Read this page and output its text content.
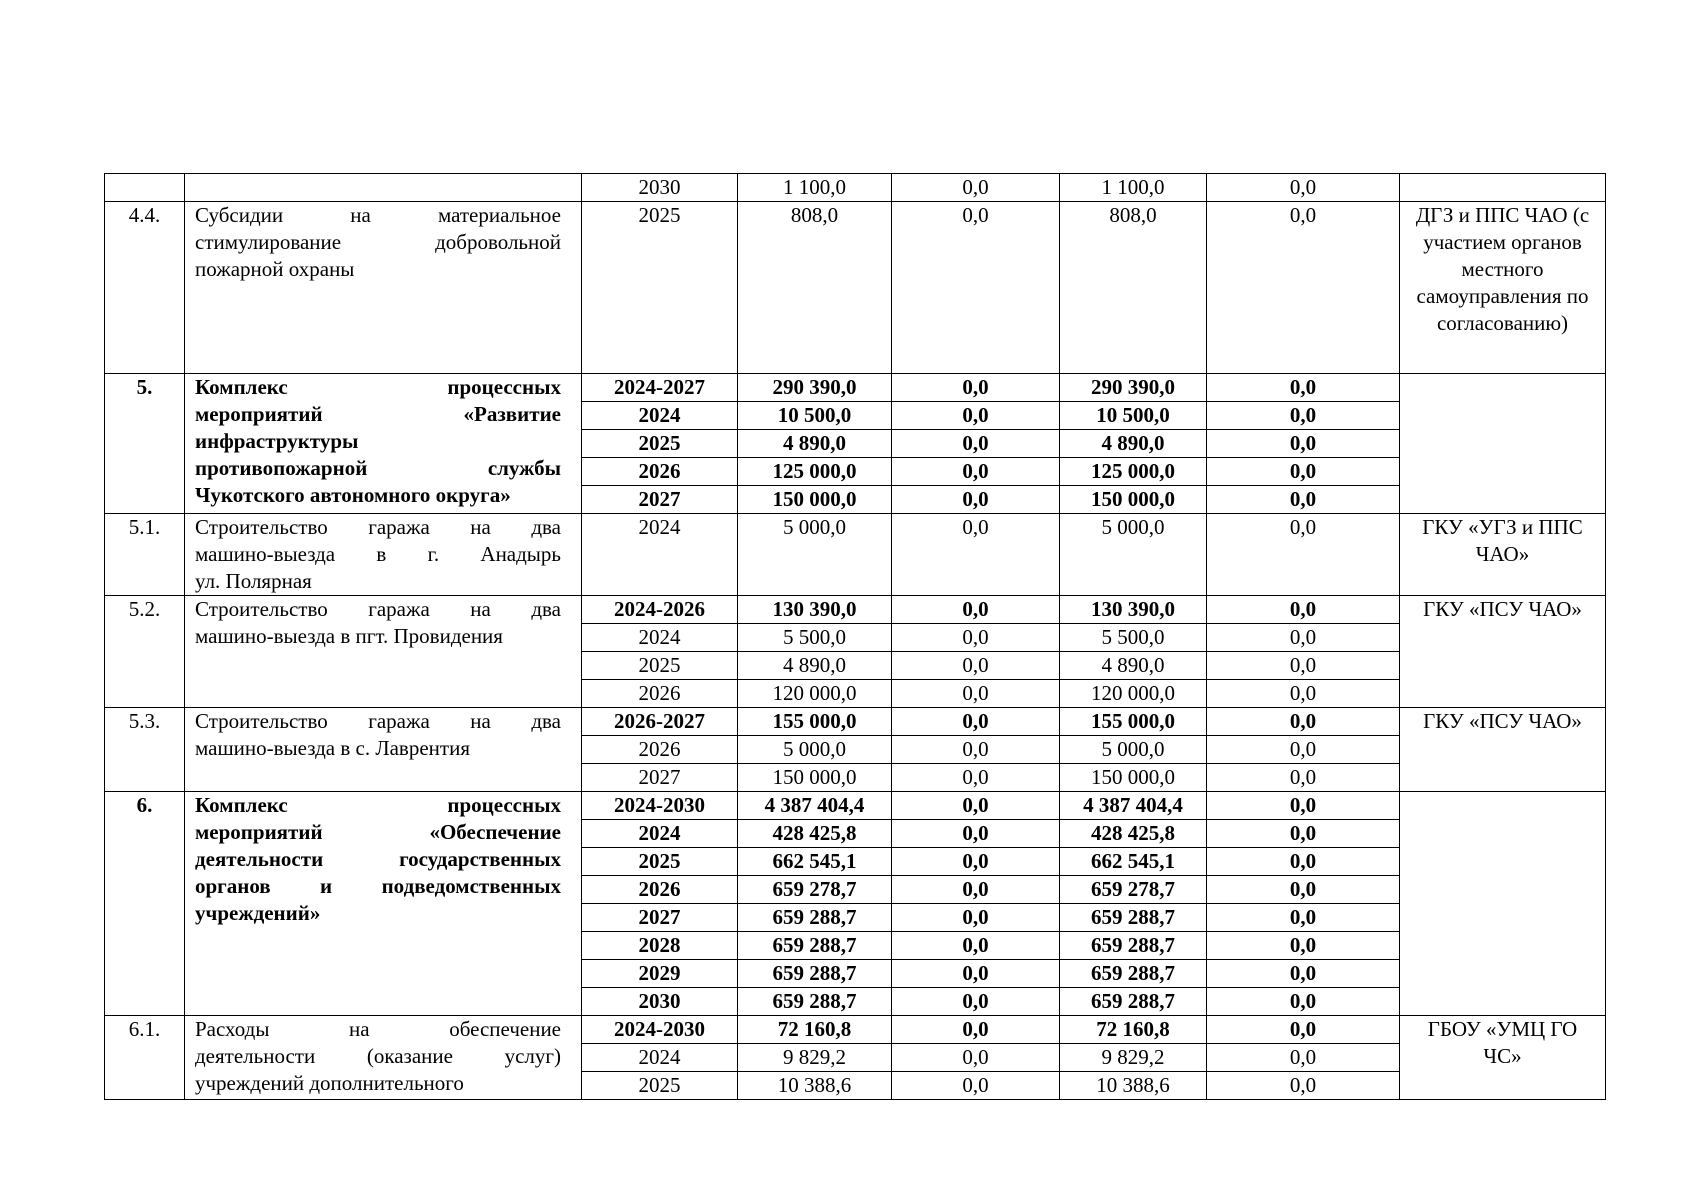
		2030	1 100,0	0,0	1 100,0	0,0	
4.4.	Субсидии на материальное
стимулирование добровольной
пожарной охраны	2025	808,0	0,0	808,0	0,0	ДГЗ и ППС ЧАО (с участием органов местного самоуправления по согласованию)
5.	Комплекс процессных
мероприятий «Развитие
инфраструктуры
противопожарной службы
Чукотского автономного округа»	2024-2027	290 390,0	0,0	290 390,0	0,0	
		2024	10 500,0	0,0	10 500,0	0,0	
		2025	4 890,0	0,0	4 890,0	0,0	
		2026	125 000,0	0,0	125 000,0	0,0	
		2027	150 000,0	0,0	150 000,0	0,0	
5.1.	Строительство гаража на два
машино-выезда в г. Анадырь
ул. Полярная	2024	5 000,0	0,0	5 000,0	0,0	ГКУ «УГЗ и ППС ЧАО»
5.2.	Строительство гаража на два
машино-выезда в пгт. Провидения	2024-2026	130 390,0	0,0	130 390,0	0,0	ГКУ «ПСУ ЧАО»
		2024	5 500,0	0,0	5 500,0	0,0	
		2025	4 890,0	0,0	4 890,0	0,0	
		2026	120 000,0	0,0	120 000,0	0,0	
5.3.	Строительство гаража на два
машино-выезда в с. Лаврентия	2026-2027	155 000,0	0,0	155 000,0	0,0	ГКУ «ПСУ ЧАО»
		2026	5 000,0	0,0	5 000,0	0,0	
		2027	150 000,0	0,0	150 000,0	0,0	
6.	Комплекс процессных
мероприятий «Обеспечение
деятельности государственных
органов и подведомственных
учреждений»	2024-2030	4 387 404,4	0,0	4 387 404,4	0,0	
		2024	428 425,8	0,0	428 425,8	0,0	
		2025	662 545,1	0,0	662 545,1	0,0	
		2026	659 278,7	0,0	659 278,7	0,0	
		2027	659 288,7	0,0	659 288,7	0,0	
		2028	659 288,7	0,0	659 288,7	0,0	
		2029	659 288,7	0,0	659 288,7	0,0	
		2030	659 288,7	0,0	659 288,7	0,0	
6.1.	Расходы на обеспечение
деятельности (оказание услуг)
учреждений дополнительного	2024-2030	72 160,8	0,0	72 160,8	0,0	ГБОУ «УМЦ ГО ЧС»
		2024	9 829,2	0,0	9 829,2	0,0	
		2025	10 388,6	0,0	10 388,6	0,0	
